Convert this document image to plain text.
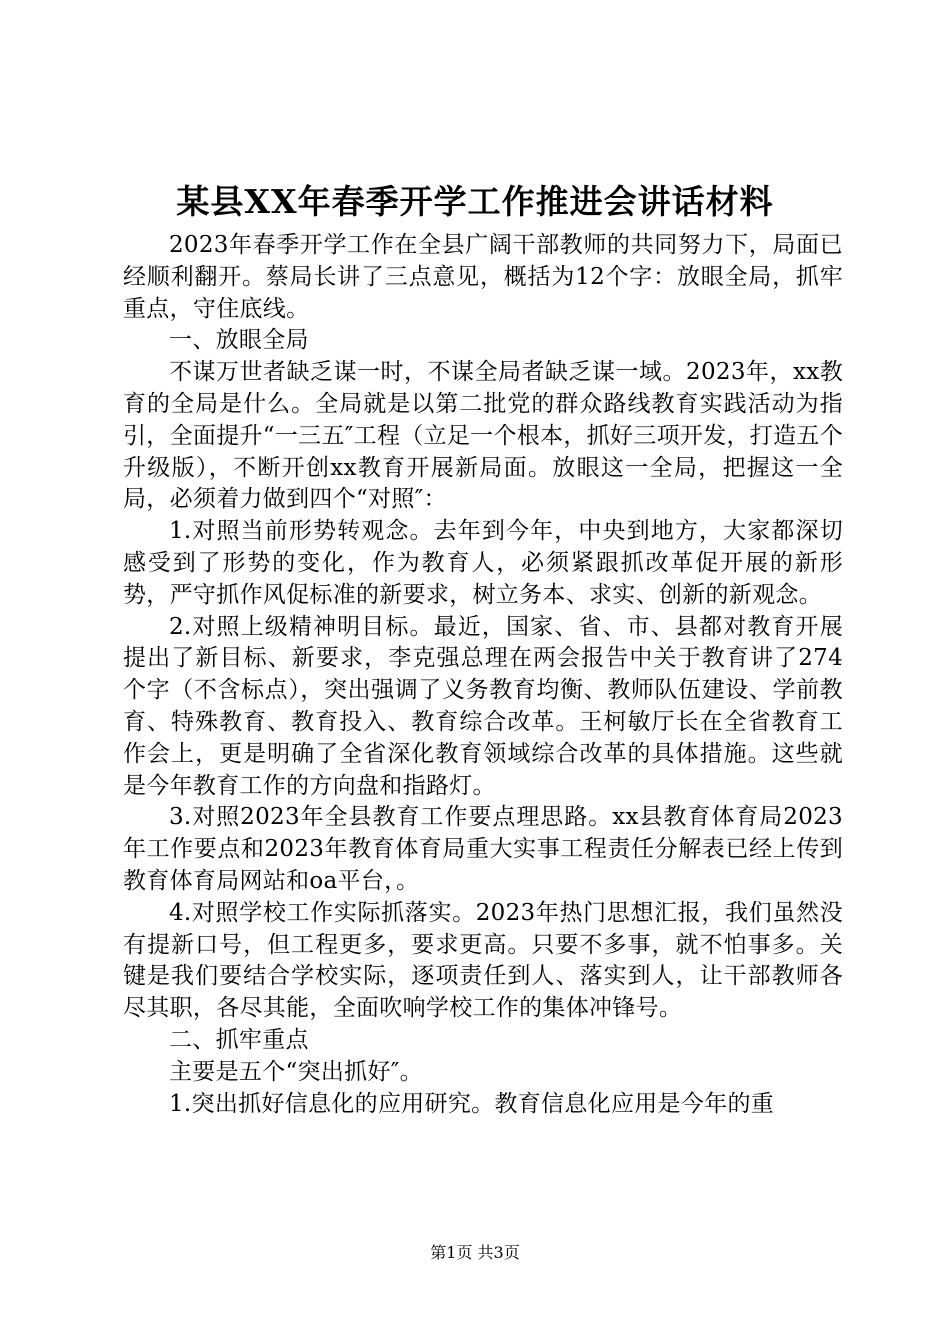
某县XX年春季开学工作推进会讲话材料

2023年春季开学工作在全县广阔干部教师的共同努力下，局面已经顺利翻开。蔡局长讲了三点意见，概括为12个字：放眼全局，抓牢重点，守住底线。

一、放眼全局

不谋万世者缺乏谋一时，不谋全局者缺乏谋一域。2023年，xx教育的全局是什么。全局就是以第二批党的群众路线教育实践活动为指引，全面提升“一三五″工程（立足一个根本，抓好三项开发，打造五个升级版），不断开创xx教育开展新局面。放眼这一全局，把握这一全局，必须着力做到四个“对照″：

1.对照当前形势转观念。去年到今年，中央到地方，大家都深切感受到了形势的变化，作为教育人，必须紧跟抓改革促开展的新形势，严守抓作风促标准的新要求，树立务本、求实、创新的新观念。

2.对照上级精神明目标。最近，国家、省、市、县都对教育开展提出了新目标、新要求，李克强总理在两会报告中关于教育讲了274个字（不含标点），突出强调了义务教育均衡、教师队伍建设、学前教育、特殊教育、教育投入、教育综合改革。王柯敏厅长在全省教育工作会上，更是明确了全省深化教育领域综合改革的具体措施。这些就是今年教育工作的方向盘和指路灯。

3.对照2023年全县教育工作要点理思路。xx县教育体育局2023年工作要点和2023年教育体育局重大实事工程责任分解表已经上传到教育体育局网站和oa平台，。

4.对照学校工作实际抓落实。2023年热门思想汇报，我们虽然没有提新口号，但工程更多，要求更高。只要不多事，就不怕事多。关键是我们要结合学校实际，逐项责任到人、落实到人，让干部教师各尽其职，各尽其能，全面吹响学校工作的集体冲锋号。

二、抓牢重点

主要是五个“突出抓好″。

1.突出抓好信息化的应用研究。教育信息化应用是今年的重

第1页 共3页
